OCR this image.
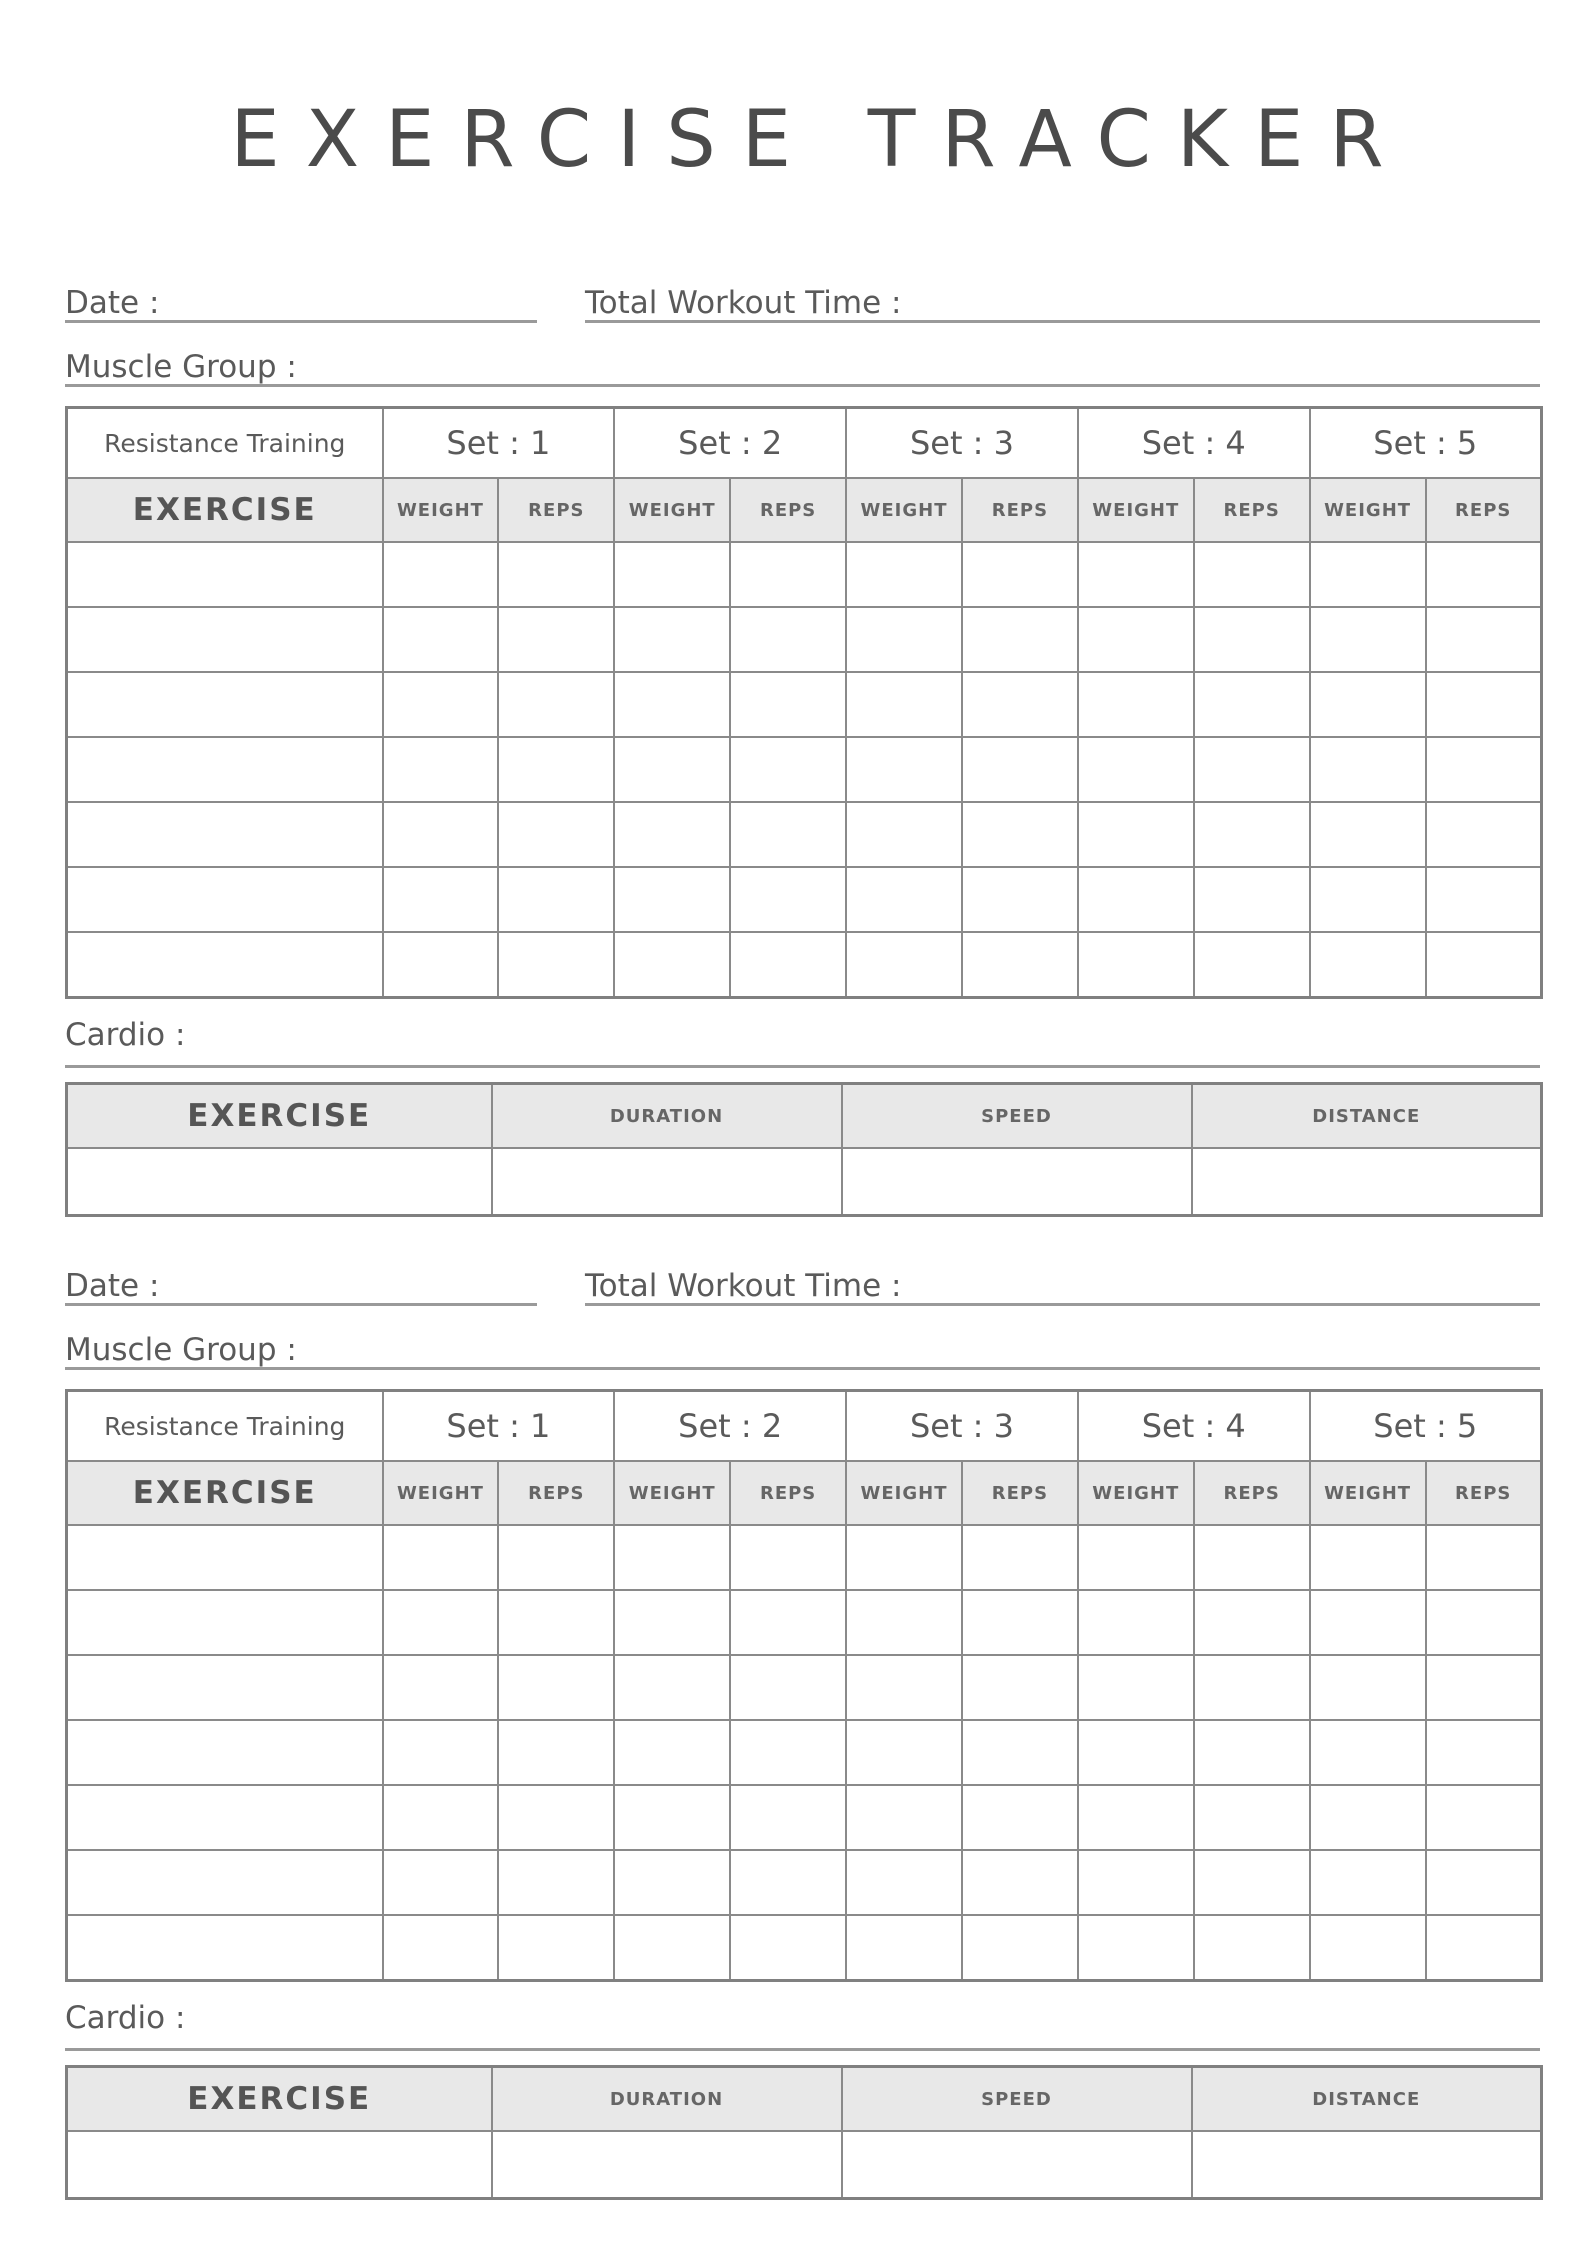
EXERCISE TRACKER
Date :	Total Workout Time :
Muscle Group :
Resistance Training	Set : 1		Set : 2		Set : 3		Set : 4		Set : 5	
EXERCISE	WEIGHT	REPS	WEIGHT	REPS	WEIGHT	REPS	WEIGHT	REPS	WEIGHT	REPS

Cardio :
EXERCISE	DURATION	SPEED	DISTANCE

Date :	Total Workout Time :
Muscle Group :
Resistance Training	Set : 1		Set : 2		Set : 3		Set : 4		Set : 5	
EXERCISE	WEIGHT	REPS	WEIGHT	REPS	WEIGHT	REPS	WEIGHT	REPS	WEIGHT	REPS

Cardio :
EXERCISE	DURATION	SPEED	DISTANCE
